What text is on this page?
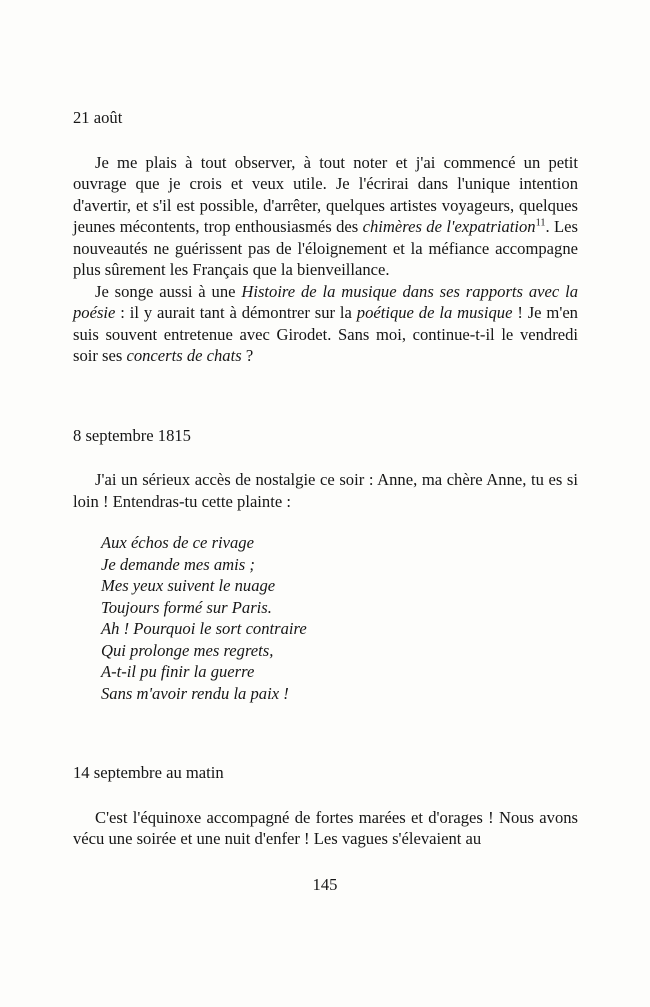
21 août

Je me plais à tout observer, à tout noter et j'ai commencé un petit ouvrage que je crois et veux utile. Je l'écrirai dans l'unique intention d'avertir, et s'il est possible, d'arrêter, quelques artistes voyageurs, quelques jeunes mécontents, trop enthousiasmés des chimères de l'expatriation$^{11}$. Les nouveautés ne guérissent pas de l'éloignement et la méfiance accompagne plus sûrement les Français que la bienveillance.

Je songe aussi à une Histoire de la musique dans ses rapports avec la poésie : il y aurait tant à démontrer sur la poétique de la musique ! Je m'en suis souvent entretenue avec Girodet. Sans moi, continue-t-il le vendredi soir ses concerts de chats ?

8 septembre 1815

J'ai un sérieux accès de nostalgie ce soir : Anne, ma chère Anne, tu es si loin ! Entendras-tu cette plainte :

Aux échos de ce rivage
Je demande mes amis ;
Mes yeux suivent le nuage
Toujours formé sur Paris.
Ah ! Pourquoi le sort contraire
Qui prolonge mes regrets,
A-t-il pu finir la guerre
Sans m'avoir rendu la paix !
14 septembre au matin

C'est l'équinoxe accompagné de fortes marées et d'orages ! Nous avons vécu une soirée et une nuit d'enfer ! Les vagues s'élevaient au

145
